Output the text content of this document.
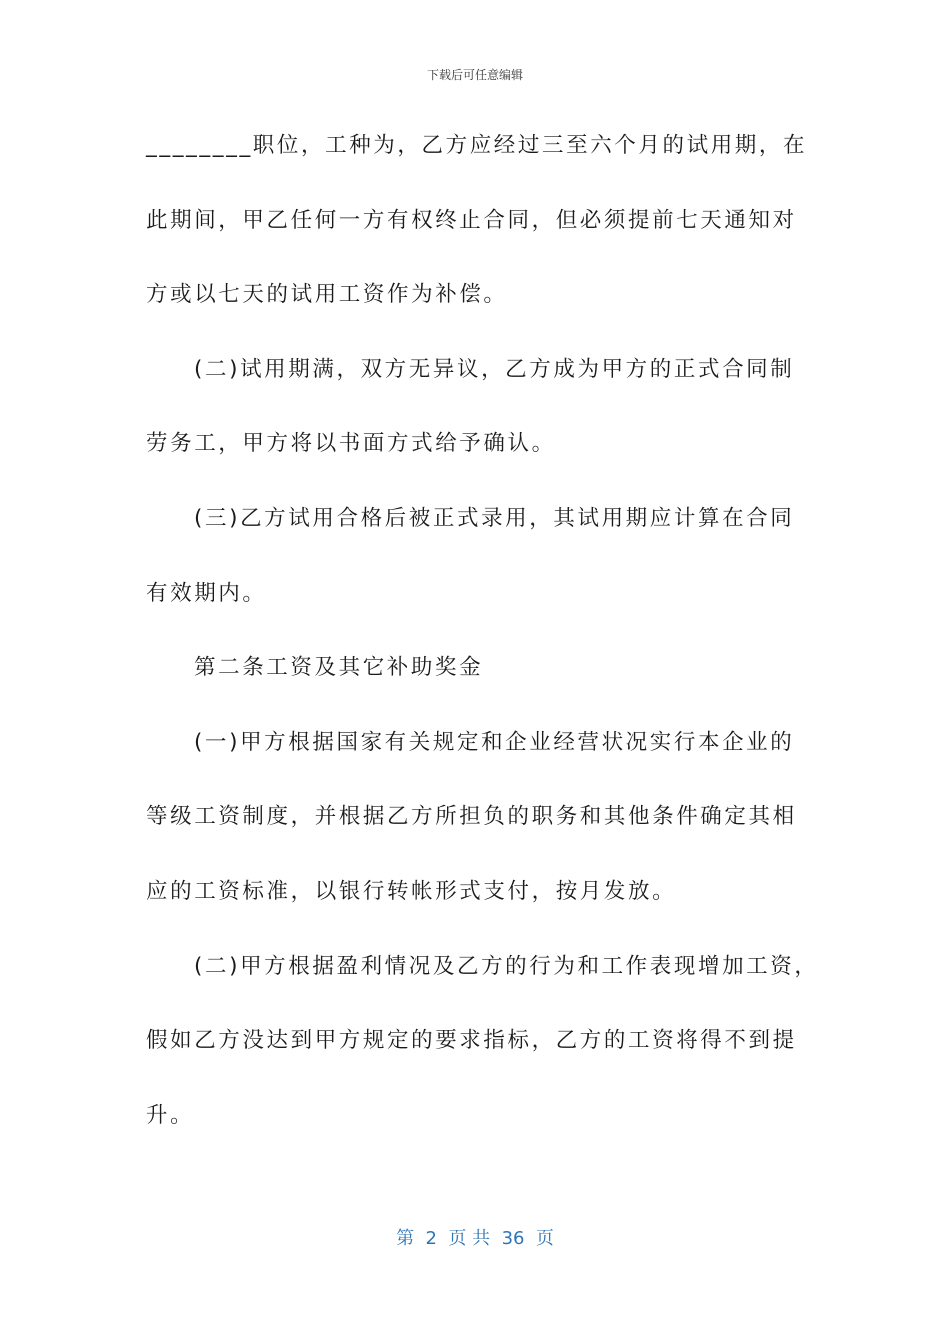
下载后可任意编辑
________职位，工种为，乙方应经过三至六个月的试用期，在
此期间，甲乙任何一方有权终止合同，但必须提前七天通知对
方或以七天的试用工资作为补偿。
(二)试用期满，双方无异议，乙方成为甲方的正式合同制
劳务工，甲方将以书面方式给予确认。
(三)乙方试用合格后被正式录用，其试用期应计算在合同
有效期内。
第二条工资及其它补助奖金
(一)甲方根据国家有关规定和企业经营状况实行本企业的
等级工资制度，并根据乙方所担负的职务和其他条件确定其相
应的工资标准，以银行转帐形式支付，按月发放。
(二)甲方根据盈利情况及乙方的行为和工作表现增加工资，
假如乙方没达到甲方规定的要求指标，乙方的工资将得不到提
升。
第  2  页 共  36  页
